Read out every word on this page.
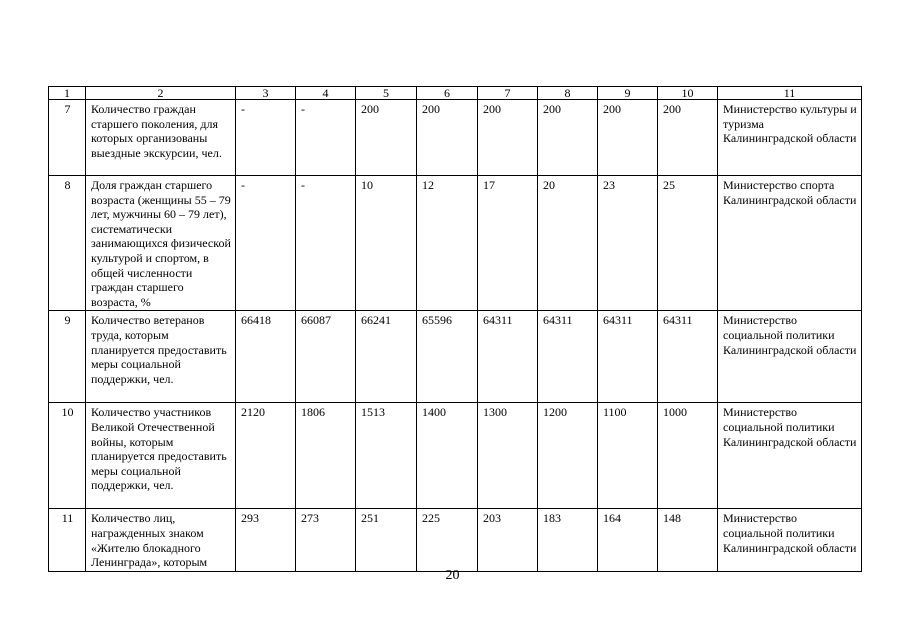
1	2	3	4	5	6	7	8	9	10	11
7	Количество граждан старшего поколения, для которых организованы выездные экскурсии, чел.	-	-	200	200	200	200	200	200	Министерство культуры и туризма Калининградской области
8	Доля граждан старшего возраста (женщины 55 – 79 лет, мужчины 60 – 79 лет), систематически занимающихся физической культурой и спортом, в общей численности граждан старшего возраста, %	-	-	10	12	17	20	23	25	Министерство спорта Калининградской области
9	Количество ветеранов труда, которым планируется предоставить меры социальной поддержки, чел.	66418	66087	66241	65596	64311	64311	64311	64311	Министерство социальной политики Калининградской области
10	Количество участников Великой Отечественной войны, которым планируется предоставить меры социальной поддержки, чел.	2120	1806	1513	1400	1300	1200	1100	1000	Министерство социальной политики Калининградской области
11	Количество лиц, награжденных знаком «Жителю блокадного Ленинграда», которым	293	273	251	225	203	183	164	148	Министерство социальной политики Калининградской области
20
